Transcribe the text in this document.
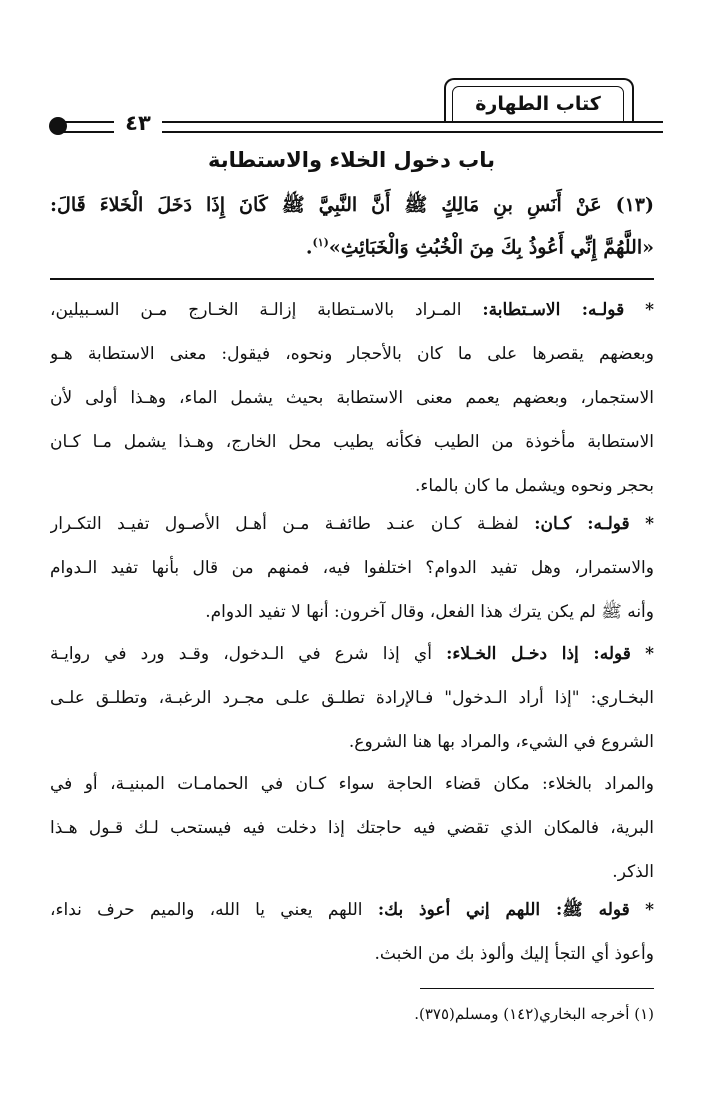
كتاب الطهارة
٤٣
باب دخول الخلاء والاستطابة
(١٣) عَنْ أَنَسِ بنِ مَالِكٍ ﷺ أَنَّ النَّبِيَّ ﷺ كَانَ إِذَا دَخَلَ الْخَلاءَ قَالَ:
«اللَّهُمَّ إِنِّي أَعُوذُ بِكَ مِنَ الْخُبُثِ وَالْخَبَائِثِ»$^{(١)}$.
* قولـه: الاسـتطابة: المـراد بالاسـتطابة إزالـة الخـارج مـن السـبيلين،
وبعضهم يقصرها على ما كان بالأحجار ونحوه، فيقول: معنى الاستطابة هـو
الاستجمار، وبعضهم يعمم معنى الاستطابة بحيث يشمل الماء، وهـذا أولى لأن
الاستطابة مأخوذة من الطيب فكأنه يطيب محل الخارج، وهـذا يشمل مـا كـان
بحجر ونحوه ويشمل ما كان بالماء.
* قولـه: كـان: لفظـة كـان عنـد طائفـة مـن أهـل الأصـول تفيـد التكـرار
والاستمرار، وهل تفيد الدوام؟ اختلفوا فيه، فمنهم من قال بأنها تفيد الـدوام
وأنه ﷺ لم يكن يترك هذا الفعل، وقال آخرون: أنها لا تفيد الدوام.
* قوله: إذا دخـل الخـلاء: أي إذا شرع في الـدخول، وقـد ورد في روايـة
البخـاري: "إذا أراد الـدخول" فـالإرادة تطلـق علـى مجـرد الرغبـة، وتطلـق علـى
الشروع في الشيء، والمراد بها هنا الشروع.
والمراد بالخلاء: مكان قضاء الحاجة سواء كـان في الحمامـات المبنيـة، أو في
البرية، فالمكان الذي تقضي فيه حاجتك إذا دخلت فيه فيستحب لـك قـول هـذا
الذكر.
* قوله ﷺ: اللهم إني أعوذ بك: اللهم يعني يا الله، والميم حرف نداء،
وأعوذ أي التجأ إليك وألوذ بك من الخبث.
(١) أخرجه البخاري(١٤٢) ومسلم(٣٧٥).
